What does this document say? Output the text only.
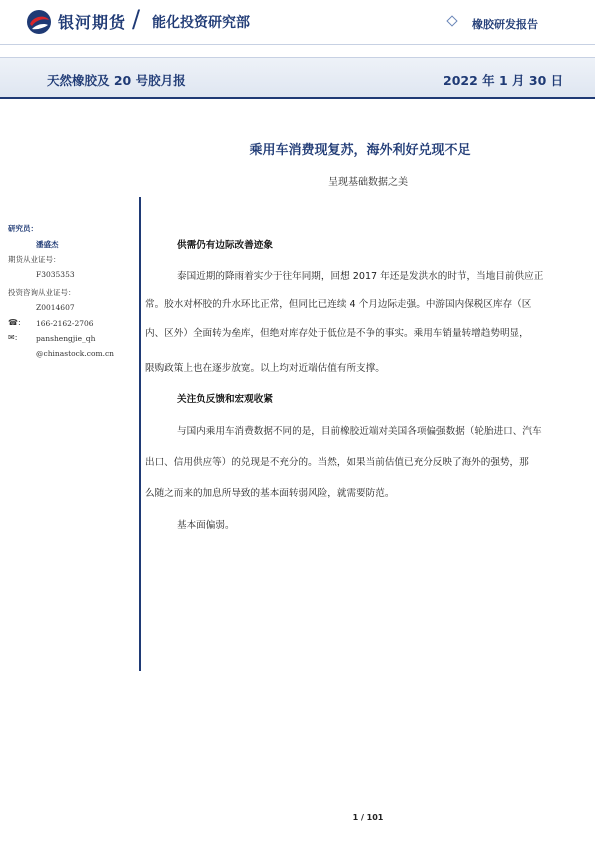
银河期货 / 能化投资研究部	橡胶研发报告
天然橡胶及 20 号胶月报	2022 年 1 月 30 日
乘用车消费现复苏，海外利好兑现不足
呈现基础数据之美
研究员：
潘盛杰
期货从业证号：
F3035353
投资咨询从业证号：
Z0014607
☎: 166-2162-2706
✉: panshengjie_qh
@chinastock.com.cn
供需仍有边际改善迹象
泰国近期的降雨着实少于往年同期，回想 2017 年还是发洪水的时节，当地目前供应正
常。胶水对杯胶的升水环比正常，但同比已连续 4 个月边际走强。中游国内保税区库存（区
内、区外）全面转为垒库，但绝对库存处于低位是不争的事实。乘用车销量转增趋势明显，
限购政策上也在逐步放宽。以上均对近端估值有所支撑。
关注负反馈和宏观收紧
与国内乘用车消费数据不同的是，目前橡胶近端对美国各项偏强数据（轮胎进口、汽车
出口、信用供应等）的兑现是不充分的。当然，如果当前估值已充分反映了海外的强势，那
么随之而来的加息所导致的基本面转弱风险，就需要防范。
基本面偏弱。
1 / 101
